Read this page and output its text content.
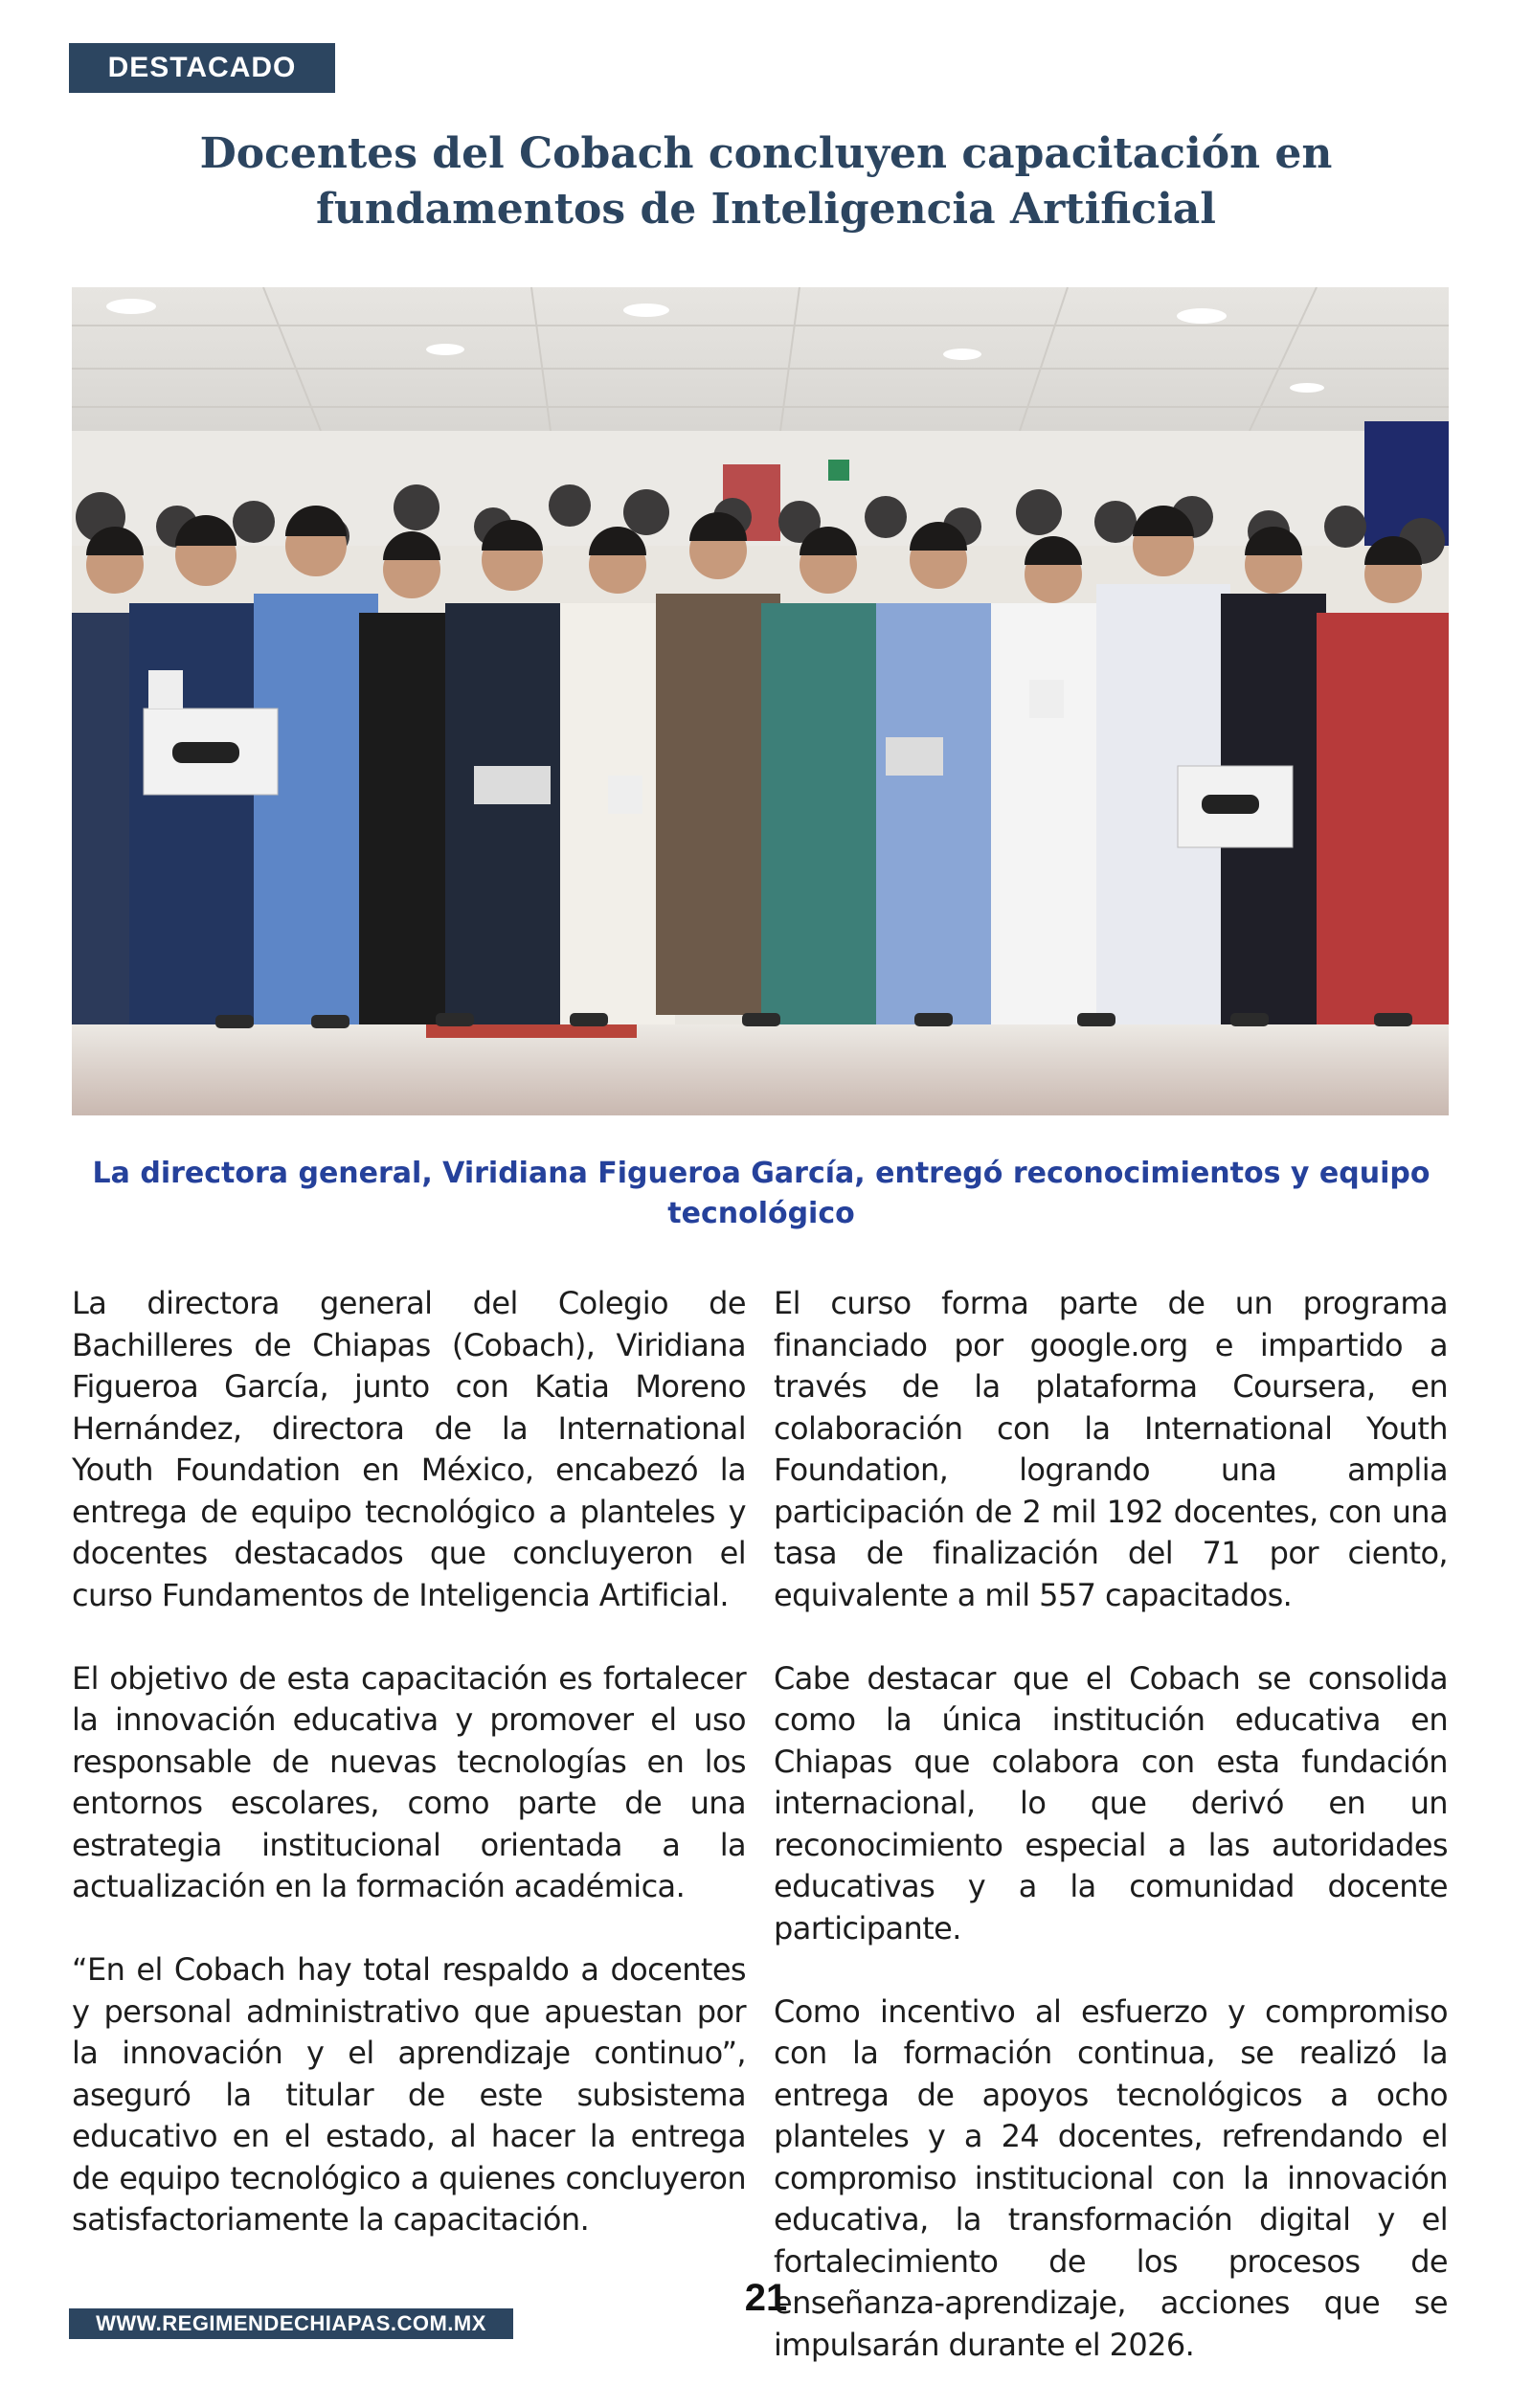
DESTACADO
Docentes del Cobach concluyen capacitación en fundamentos de Inteligencia Artificial

La directora general, Viridiana Figueroa García, entregó reconocimientos y equipo tecnológico

La directora general del Colegio de Bachilleres de Chiapas (Cobach), Viridiana Figueroa García, junto con Katia Moreno Hernández, directora de la International Youth Foundation en México, encabezó la entrega de equipo tecnológico a planteles y docentes destacados que concluyeron el curso Fundamentos de Inteligencia Artificial.

El objetivo de esta capacitación es fortalecer la innovación educativa y promover el uso responsable de nuevas tecnologías en los entornos escolares, como parte de una estrategia institucional orientada a la actualización en la formación académica.

“En el Cobach hay total respaldo a docentes y personal administrativo que apuestan por la innovación y el aprendizaje continuo”, aseguró la titular de este subsistema educativo en el estado, al hacer la entrega de equipo tecnológico a quienes concluyeron satisfactoriamente la capacitación.

El curso forma parte de un programa financiado por google.org e impartido a través de la plataforma Coursera, en colaboración con la International Youth Foundation, logrando una amplia participación de 2 mil 192 docentes, con una tasa de finalización del 71 por ciento, equivalente a mil 557 capacitados.

Cabe destacar que el Cobach se consolida como la única institución educativa en Chiapas que colabora con esta fundación internacional, lo que derivó en un reconocimiento especial a las autoridades educativas y a la comunidad docente participante.

Como incentivo al esfuerzo y compromiso con la formación continua, se realizó la entrega de apoyos tecnológicos a ocho planteles y a 24 docentes, refrendando el compromiso institucional con la innovación educativa, la transformación digital y el fortalecimiento de los procesos de enseñanza-aprendizaje, acciones que se impulsarán durante el 2026.

21
WWW.REGIMENDECHIAPAS.COM.MX
